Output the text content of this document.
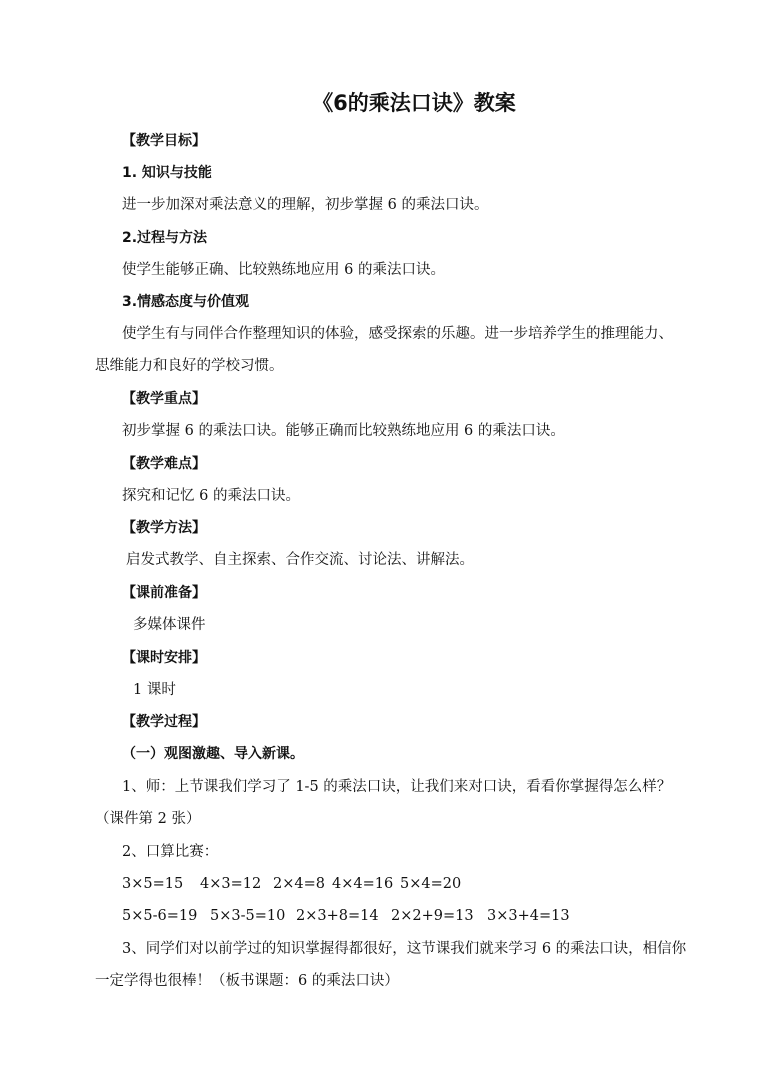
《6的乘法口诀》教案
【教学目标】
1. 知识与技能
进一步加深对乘法意义的理解，初步掌握 6 的乘法口诀。
2.过程与方法
使学生能够正确、比较熟练地应用 6 的乘法口诀。
3.情感态度与价值观
使学生有与同伴合作整理知识的体验，感受探索的乐趣。进一步培养学生的推理能力、
思维能力和良好的学校习惯。
【教学重点】
初步掌握 6 的乘法口诀。能够正确而比较熟练地应用 6 的乘法口诀。
【教学难点】
探究和记忆 6 的乘法口诀。
【教学方法】
启发式教学、自主探索、合作交流、讨论法、讲解法。
【课前准备】
多媒体课件
【课时安排】
1 课时
【教学过程】
（一）观图激趣、导入新课。
1、师：上节课我们学习了 1-5 的乘法口诀，让我们来对口诀，看看你掌握得怎么样？
（课件第 2 张）
2、口算比赛：
3×5=15 4×3=12 2×4=8 4×4=16 5×4=20
5×5-6=19 5×3-5=10 2×3+8=14 2×2+9=13 3×3+4=13
3、同学们对以前学过的知识掌握得都很好，这节课我们就来学习 6 的乘法口诀，相信你
一定学得也很棒！（板书课题：6 的乘法口诀）
